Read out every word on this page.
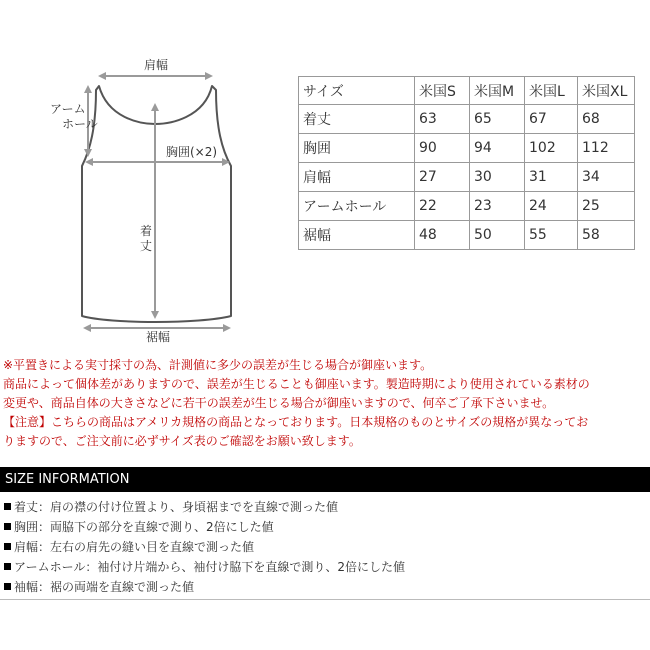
肩幅
アーム
ホール
胸囲(×2)
着
丈
裾幅
サイズ	米国S	米国M	米国L	米国XL
着丈	63	65	67	68
胸囲	90	94	102	112
肩幅	27	30	31	34
アームホール	22	23	24	25
裾幅	48	50	55	58

※平置きによる実寸採寸の為、計測値に多少の誤差が生じる場合が御座います。

商品によって個体差がありますので、誤差が生じることも御座います。製造時期により使用されている素材の

変更や、商品自体の大きさなどに若干の誤差が生じる場合が御座いますので、何卒ご了承下さいませ。

【注意】こちらの商品はアメリカ規格の商品となっております。日本規格のものとサイズの規格が異なってお

りますので、ご注文前に必ずサイズ表のご確認をお願い致します。

SIZE INFORMATION
着丈：肩の襟の付け位置より、身頃裾までを直線で測った値
胸囲：両脇下の部分を直線で測り、2倍にした値
肩幅：左右の肩先の縫い目を直線で測った値
アームホール：袖付け片端から、袖付け脇下を直線で測り、2倍にした値
袖幅：裾の両端を直線で測った値
